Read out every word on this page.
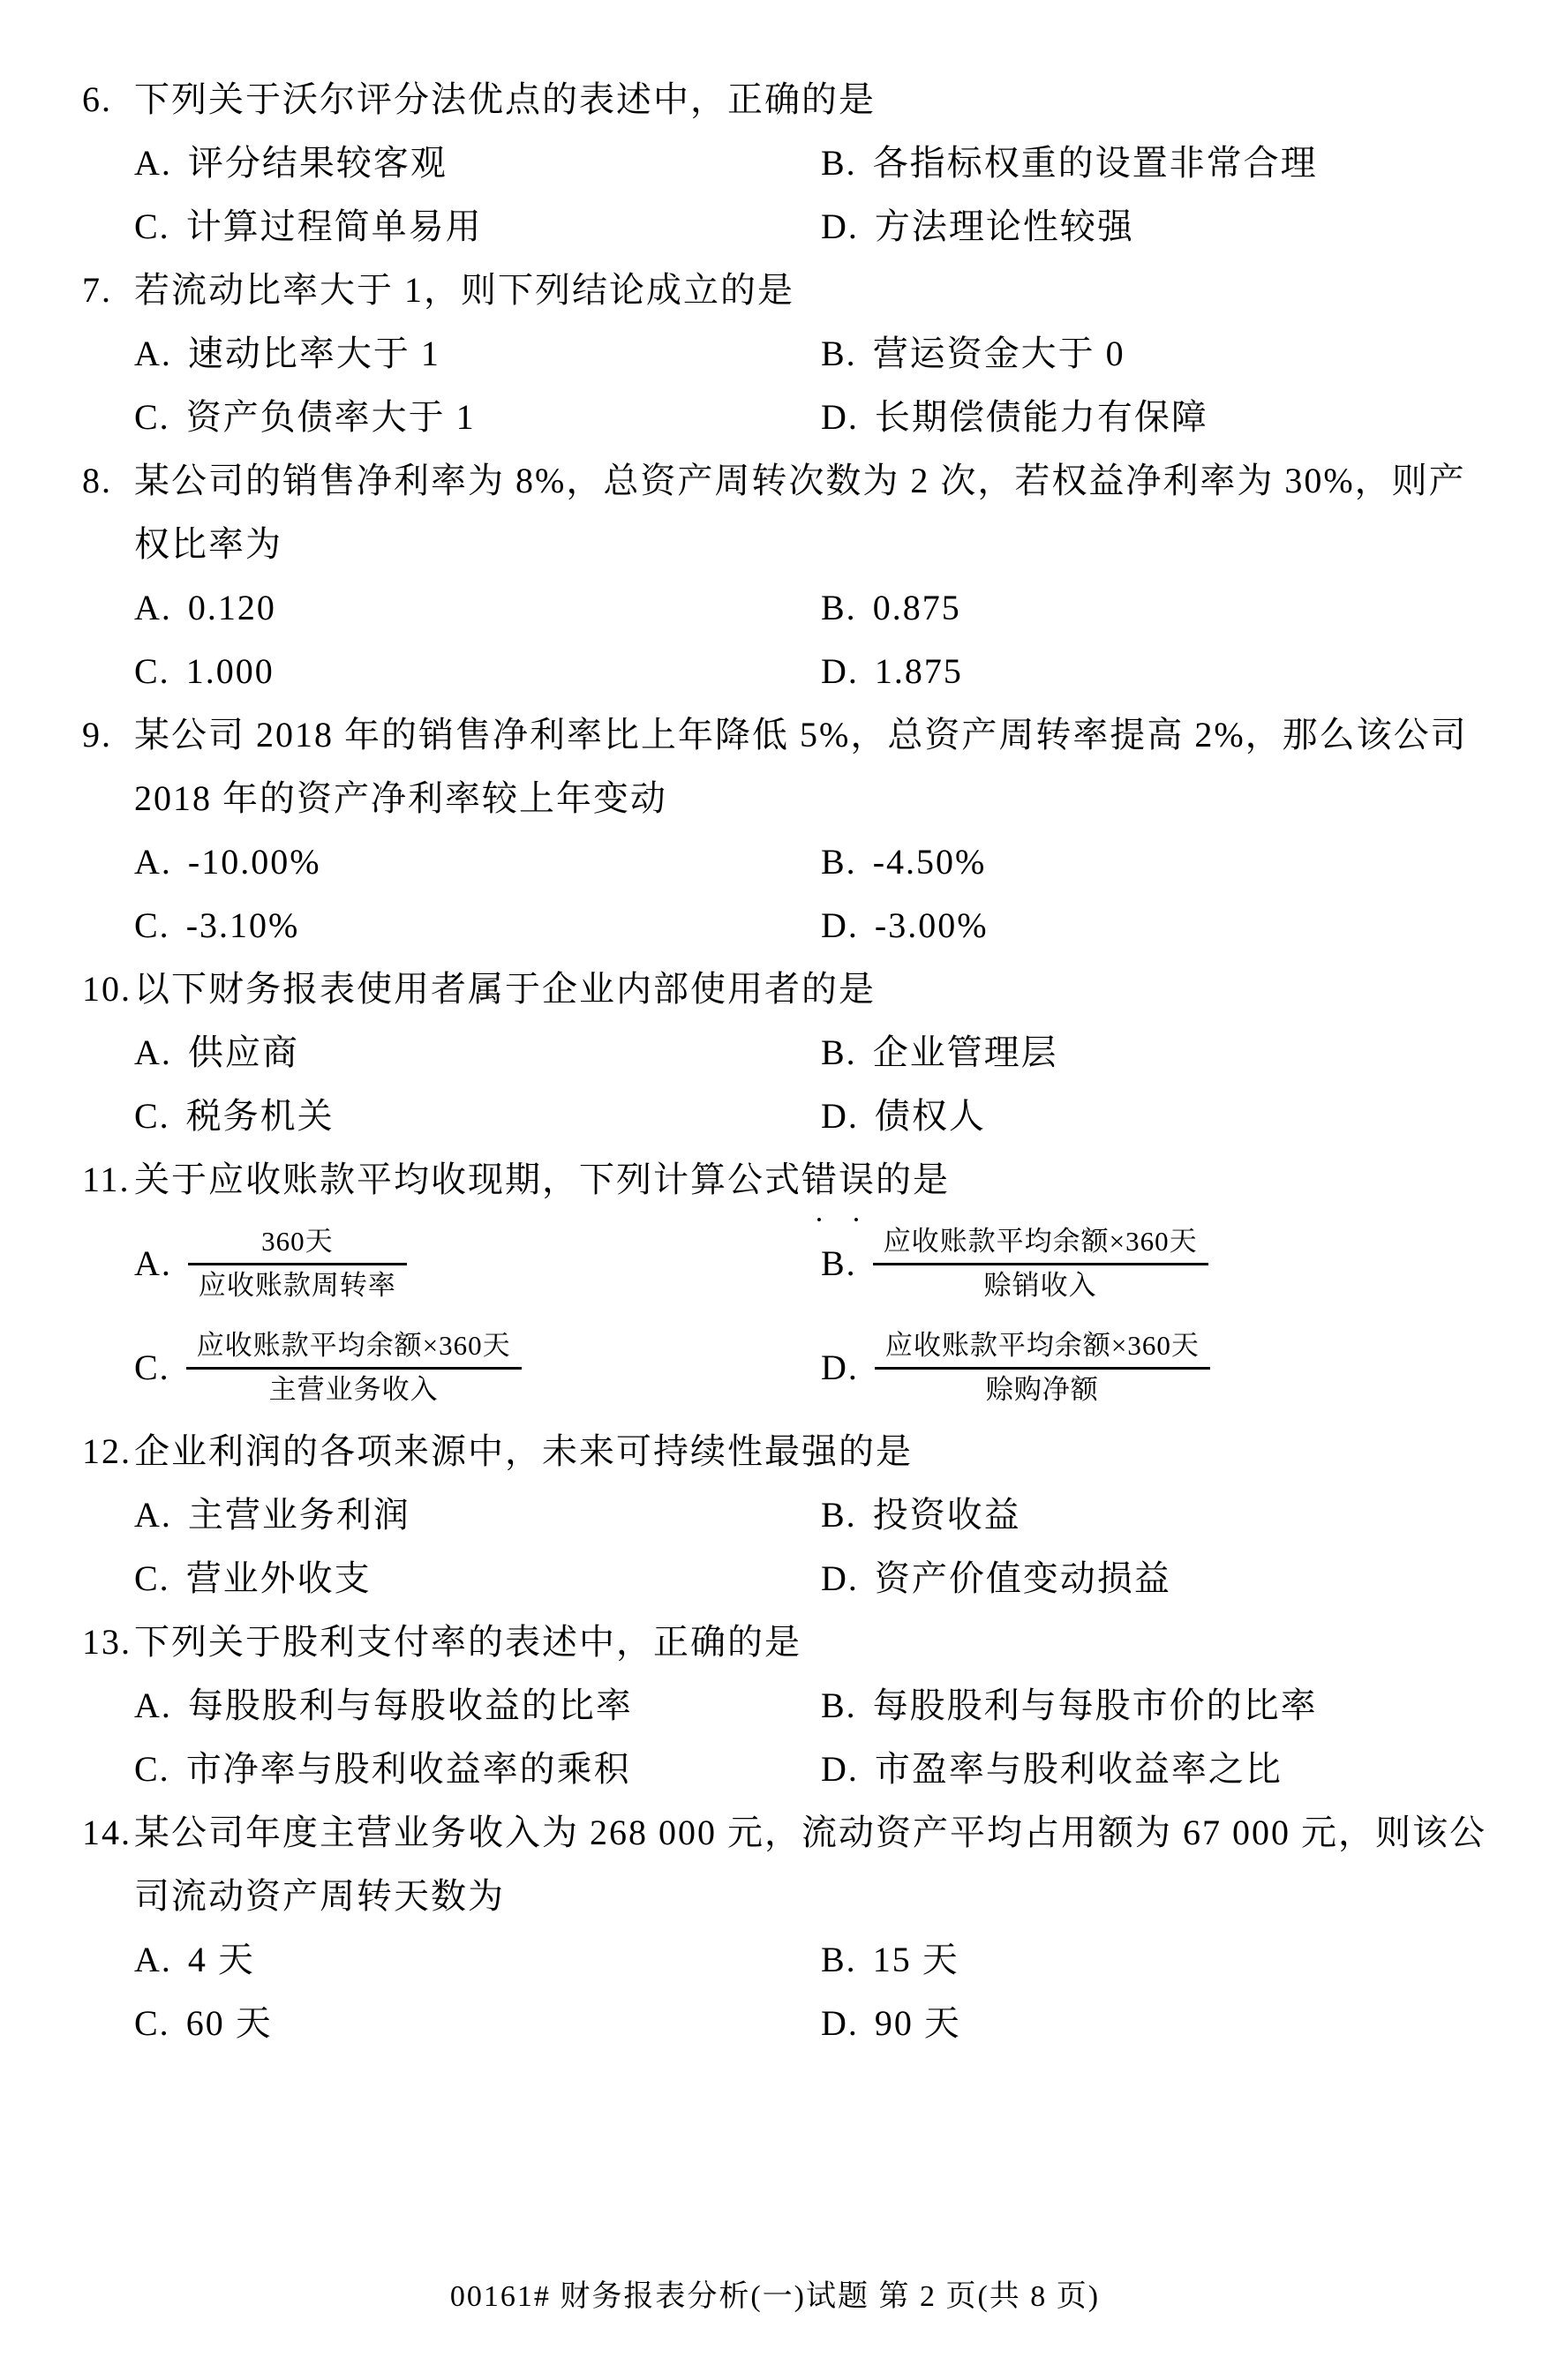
6. 下列关于沃尔评分法优点的表述中，正确的是
A. 评分结果较客观	B. 各指标权重的设置非常合理
C. 计算过程简单易用	D. 方法理论性较强
7. 若流动比率大于 1，则下列结论成立的是
A. 速动比率大于 1	B. 营运资金大于 0
C. 资产负债率大于 1	D. 长期偿债能力有保障
8. 某公司的销售净利率为 8%，总资产周转次数为 2 次，若权益净利率为 30%，则产权比率为
A. 0.120	B. 0.875
C. 1.000	D. 1.875
9. 某公司 2018 年的销售净利率比上年降低 5%，总资产周转率提高 2%，那么该公司 2018 年的资产净利率较上年变动
A. -10.00%	B. -4.50%
C. -3.10%	D. -3.00%
10. 以下财务报表使用者属于企业内部使用者的是
A. 供应商	B. 企业管理层
C. 税务机关	D. 债权人
11. 关于应收账款平均收现期，下列计算公式错误的是
A. $\frac{\text{360天}}{\text{应收账款周转率}}$	B. $\frac{\text{应收账款平均余额×360天}}{\text{赊销收入}}$
C. $\frac{\text{应收账款平均余额×360天}}{\text{主营业务收入}}$	D. $\frac{\text{应收账款平均余额×360天}}{\text{赊购净额}}$
12. 企业利润的各项来源中，未来可持续性最强的是
A. 主营业务利润	B. 投资收益
C. 营业外收支	D. 资产价值变动损益
13. 下列关于股利支付率的表述中，正确的是
A. 每股股利与每股收益的比率	B. 每股股利与每股市价的比率
C. 市净率与股利收益率的乘积	D. 市盈率与股利收益率之比
14. 某公司年度主营业务收入为 268 000 元，流动资产平均占用额为 67 000 元，则该公司流动资产周转天数为
A. 4 天	B. 15 天
C. 60 天	D. 90 天
00161# 财务报表分析(一)试题 第 2 页(共 8 页)
